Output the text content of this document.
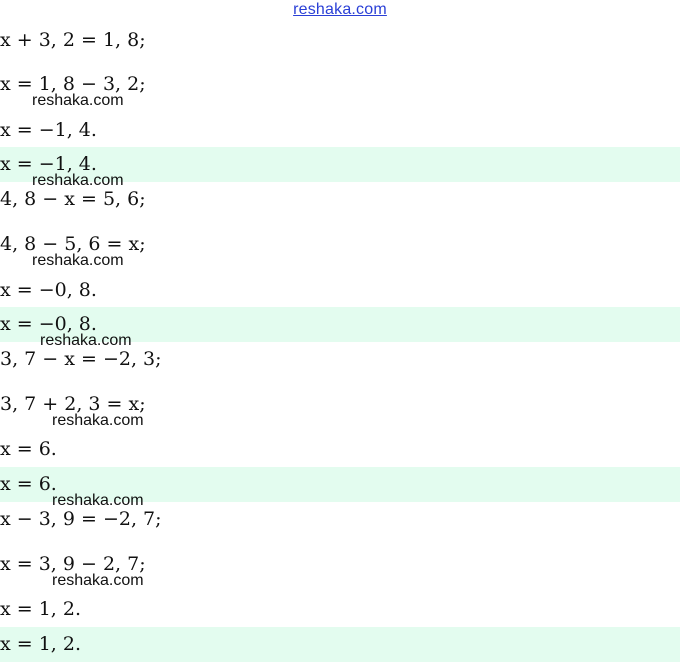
reshaka.com
x + 3, 2 = 1, 8;
x = 1, 8 − 3, 2;
reshaka.com
x = −1, 4.
x = −1, 4.
reshaka.com
4, 8 − x = 5, 6;
4, 8 − 5, 6 = x;
reshaka.com
x = −0, 8.
x = −0, 8.
reshaka.com
3, 7 − x = −2, 3;
3, 7 + 2, 3 = x;
reshaka.com
x = 6.
x = 6.
reshaka.com
x − 3, 9 = −2, 7;
x = 3, 9 − 2, 7;
reshaka.com
x = 1, 2.
x = 1, 2.
